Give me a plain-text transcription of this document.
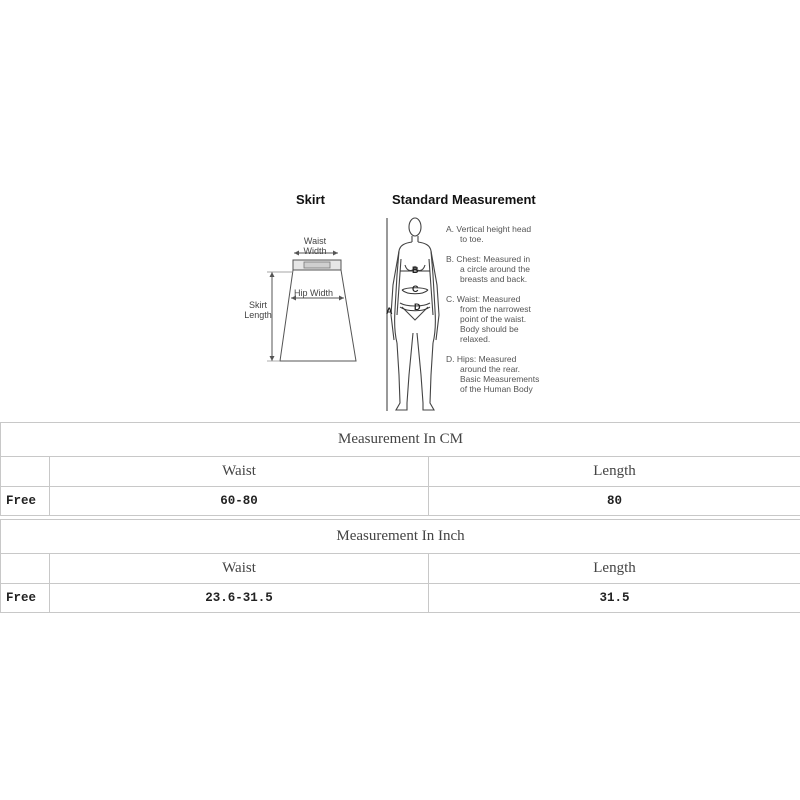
Skirt
Waist
Width
Hip Width
Skirt
Length
Standard Measurement
A
B
C
D
A. Vertical height head
to toe.
B. Chest: Measured in
a circle around the
breasts and back.
C. Waist: Measured
from the narrowest
point of the waist.
Body should be
relaxed.
D. Hips: Measured
around the rear.
Basic Measurements
of the Human Body
Measurement In CM		
	Waist	Length
Free	60-80	80
Measurement In Inch		
	Waist	Length
Free	23.6-31.5	31.5
